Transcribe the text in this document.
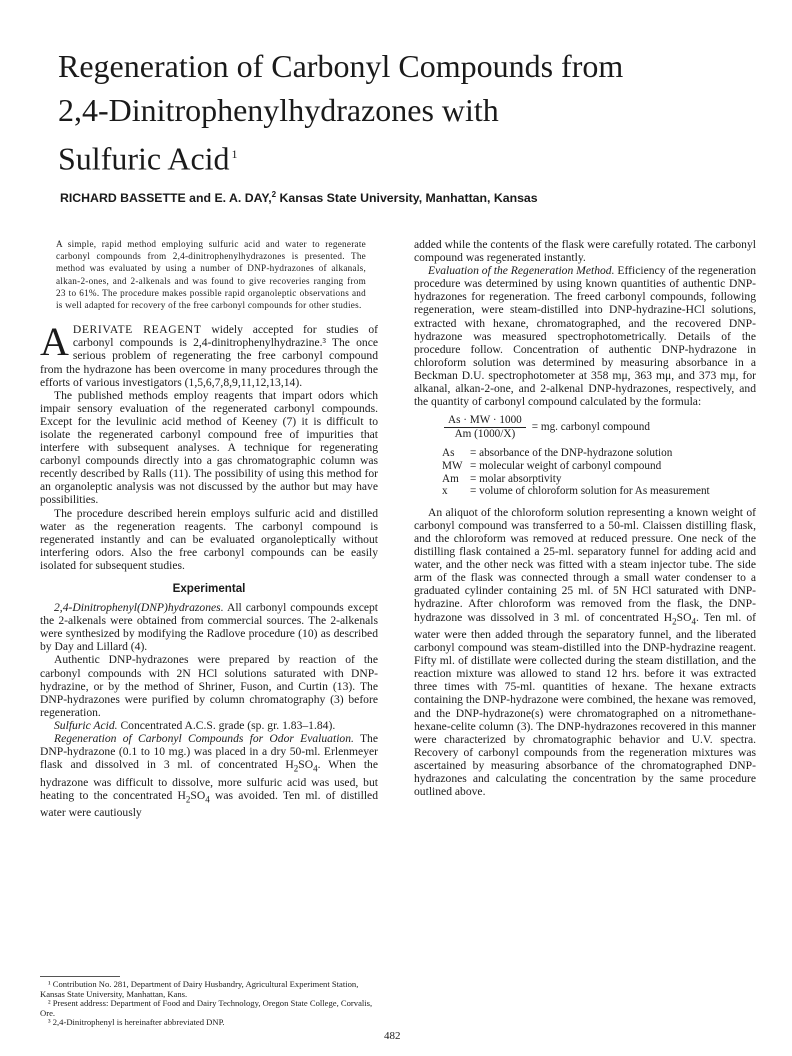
Regeneration of Carbonyl Compounds from
2,4-Dinitrophenylhydrazones with
Sulfuric Acid $^1$
RICHARD BASSETTE and E. A. DAY,$^2$ Kansas State University, Manhattan, Kansas
A simple, rapid method employing sulfuric acid and water to regenerate carbonyl compounds from 2,4-dinitrophenylhydrazones is presented. The method was evaluated by using a number of DNP-hydrazones of alkanals, alkan-2-ones, and 2-alkenals and was found to give recoveries ranging from 23 to 61%. The procedure makes possible rapid organoleptic observations and is well adapted for recovery of the free carbonyl compounds for other studies.

ADERIVATE REAGENT widely accepted for studies of carbonyl compounds is 2,4-dinitrophenylhydrazine.³ The once serious problem of regenerating the free carbonyl compound from the hydrazone has been overcome in many procedures through the efforts of various investigators (1,5,6,7,8,9,11,12,13,14).

The published methods employ reagents that impart odors which impair sensory evaluation of the regenerated carbonyl compounds. Except for the levulinic acid method of Keeney (7) it is difficult to isolate the regenerated carbonyl compound free of impurities that interfere with subsequent analyses. A technique for regenerating carbonyl compounds directly into a gas chromatographic column was recently described by Ralls (11). The possibility of using this method for an organoleptic analysis was not discussed by the author but may have possibilities.

The procedure described herein employs sulfuric acid and distilled water as the regeneration reagents. The carbonyl compound is regenerated instantly and can be evaluated organoleptically without interfering odors. Also the free carbonyl compounds can be easily isolated for subsequent studies.

Experimental

2,4-Dinitrophenyl(DNP)hydrazones. All carbonyl compounds except the 2-alkenals were obtained from commercial sources. The 2-alkenals were synthesized by modifying the Radlove procedure (10) as described by Day and Lillard (4).

Authentic DNP-hydrazones were prepared by reaction of the carbonyl compounds with 2N HCl solutions saturated with DNP-hydrazine, or by the method of Shriner, Fuson, and Curtin (13). The DNP-hydrazones were purified by column chromatography (3) before regeneration.

Sulfuric Acid. Concentrated A.C.S. grade (sp. gr. 1.83–1.84).

Regeneration of Carbonyl Compounds for Odor Evaluation. The DNP-hydrazone (0.1 to 10 mg.) was placed in a dry 50-ml. Erlenmeyer flask and dissolved in 3 ml. of concentrated $H_2SO_4$. When the hydrazone was difficult to dissolve, more sulfuric acid was used, but heating to the concentrated $H_2SO_4$ was avoided. Ten ml. of distilled water were cautiously

¹ Contribution No. 281, Department of Dairy Husbandry, Agricultural Experiment Station, Kansas State University, Manhattan, Kans.
² Present address: Department of Food and Dairy Technology, Oregon State College, Corvalis, Ore.
³ 2,4-Dinitrophenyl is hereinafter abbreviated DNP.

added while the contents of the flask were carefully rotated. The carbonyl compound was regenerated instantly.

Evaluation of the Regeneration Method. Efficiency of the regeneration procedure was determined by using known quantities of authentic DNP-hydrazones for regeneration. The freed carbonyl compounds, following regeneration, were steam-distilled into DNP-hydrazine-HCl solutions, extracted with hexane, chromatographed, and the recovered DNP-hydrazone was measured spectrophotometrically. Details of the procedure follow. Concentration of authentic DNP-hydrazone in chloroform solution was determined by measuring absorbance in a Beckman D.U. spectrophotometer at 358 mμ, 363 mμ, and 373 mμ, for alkanal, alkan-2-one, and 2-alkenal DNP-hydrazones, respectively, and the quantity of carbonyl compound calculated by the formula:

$\frac{As \cdot MW \cdot 1000}{Am (1000/X)}$ = mg. carbonyl compound
As	= absorbance of the DNP-hydrazone solution
MW = molecular weight of carbonyl compound
Am	= molar absorptivity
x	= volume of chloroform solution for As measurement

An aliquot of the chloroform solution representing a known weight of carbonyl compound was transferred to a 50-ml. Claissen distilling flask, and the chloroform was removed at reduced pressure. One neck of the distilling flask contained a 25-ml. separatory funnel for adding acid and water, and the other neck was fitted with a steam injector tube. The side arm of the flask was connected through a small water condenser to a graduated cylinder containing 25 ml. of 5N HCl saturated with DNP-hydrazine. After chloroform was removed from the flask, the DNP-hydrazone was dissolved in 3 ml. of concentrated $H_2SO_4$. Ten ml. of water were then added through the separatory funnel, and the liberated carbonyl compound was steam-distilled into the DNP-hydrazine reagent. Fifty ml. of distillate were collected during the steam distillation, and the reaction mixture was allowed to stand 12 hrs. before it was extracted three times with 75-ml. quantities of hexane. The hexane extracts containing the DNP-hydrazone were combined, the hexane was removed, and the DNP-hydrazone(s) were chromatographed on a nitromethane-hexane-celite column (3). The DNP-hydrazones recovered in this manner were characterized by chromatographic behavior and U.V. spectra. Recovery of carbonyl compounds from the regeneration mixtures was ascertained by measuring absorbance of the chromatographed DNP-hydrazones and calculating the concentration by the same procedure outlined above.

482
